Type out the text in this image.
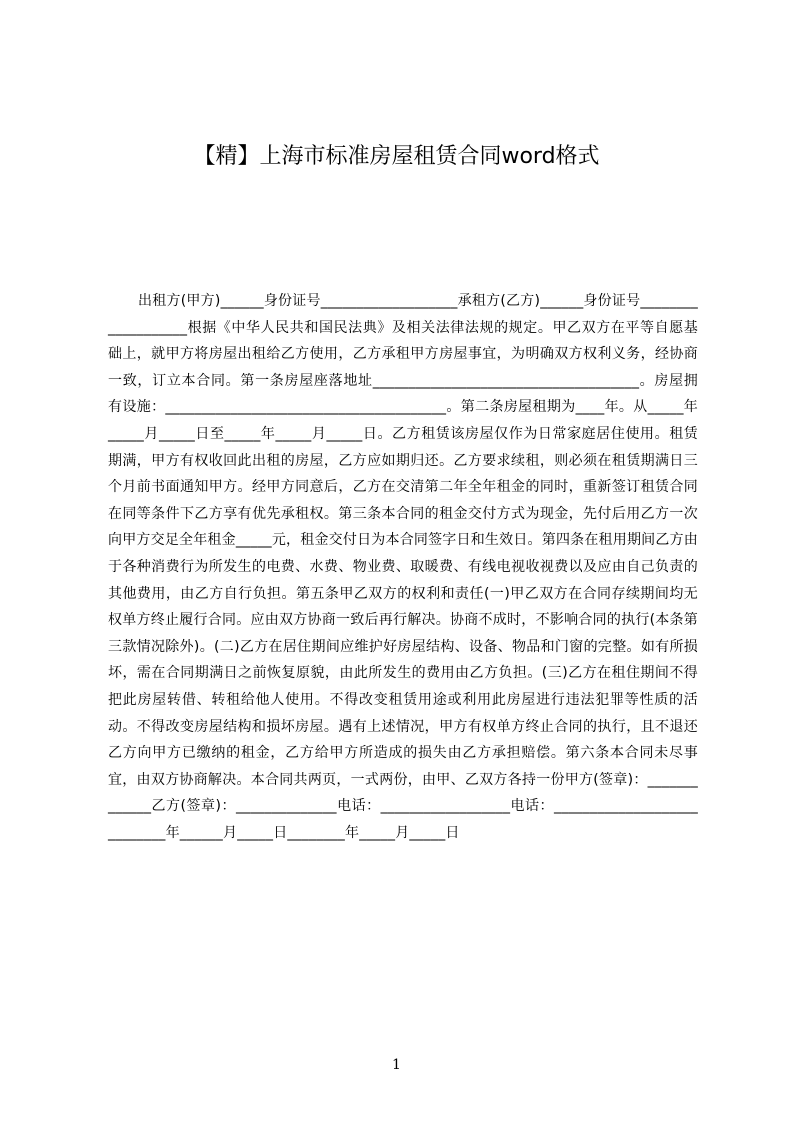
【精】上海市标准房屋租赁合同word格式

出租方(甲方)______身份证号___________________承租方(乙方)______身份证号___________________根据《中华人民共和国民法典》及相关法律法规的规定。甲乙双方在平等自愿基础上，就甲方将房屋出租给乙方使用，乙方承租甲方房屋事宜，为明确双方权利义务，经协商一致，订立本合同。第一条房屋座落地址_____________________________________。房屋拥有设施：_______________________________________。第二条房屋租期为____年。从_____年_____月_____日至_____年_____月_____日。乙方租赁该房屋仅作为日常家庭居住使用。租赁期满，甲方有权收回此出租的房屋，乙方应如期归还。乙方要求续租，则必须在租赁期满日三个月前书面通知甲方。经甲方同意后，乙方在交清第二年全年租金的同时，重新签订租赁合同在同等条件下乙方享有优先承租权。第三条本合同的租金交付方式为现金，先付后用乙方一次向甲方交足全年租金_____元，租金交付日为本合同签字日和生效日。第四条在租用期间乙方由于各种消费行为所发生的电费、水费、物业费、取暖费、有线电视收视费以及应由自己负责的其他费用，由乙方自行负担。第五条甲乙双方的权利和责任(一)甲乙双方在合同存续期间均无权单方终止履行合同。应由双方协商一致后再行解决。协商不成时，不影响合同的执行(本条第三款情况除外)。(二)乙方在居住期间应维护好房屋结构、设备、物品和门窗的完整。如有所损坏，需在合同期满日之前恢复原貌，由此所发生的费用由乙方负担。(三)乙方在租住期间不得把此房屋转借、转租给他人使用。不得改变租赁用途或利用此房屋进行违法犯罪等性质的活动。不得改变房屋结构和损坏房屋。遇有上述情况，甲方有权单方终止合同的执行，且不退还乙方向甲方已缴纳的租金，乙方给甲方所造成的损失由乙方承担赔偿。第六条本合同未尽事宜，由双方协商解决。本合同共两页，一式两份，由甲、乙双方各持一份甲方(签章)：_____________乙方(签章)：______________电话：__________________电话：____________________________年______月_____日________年_____月_____日

1
